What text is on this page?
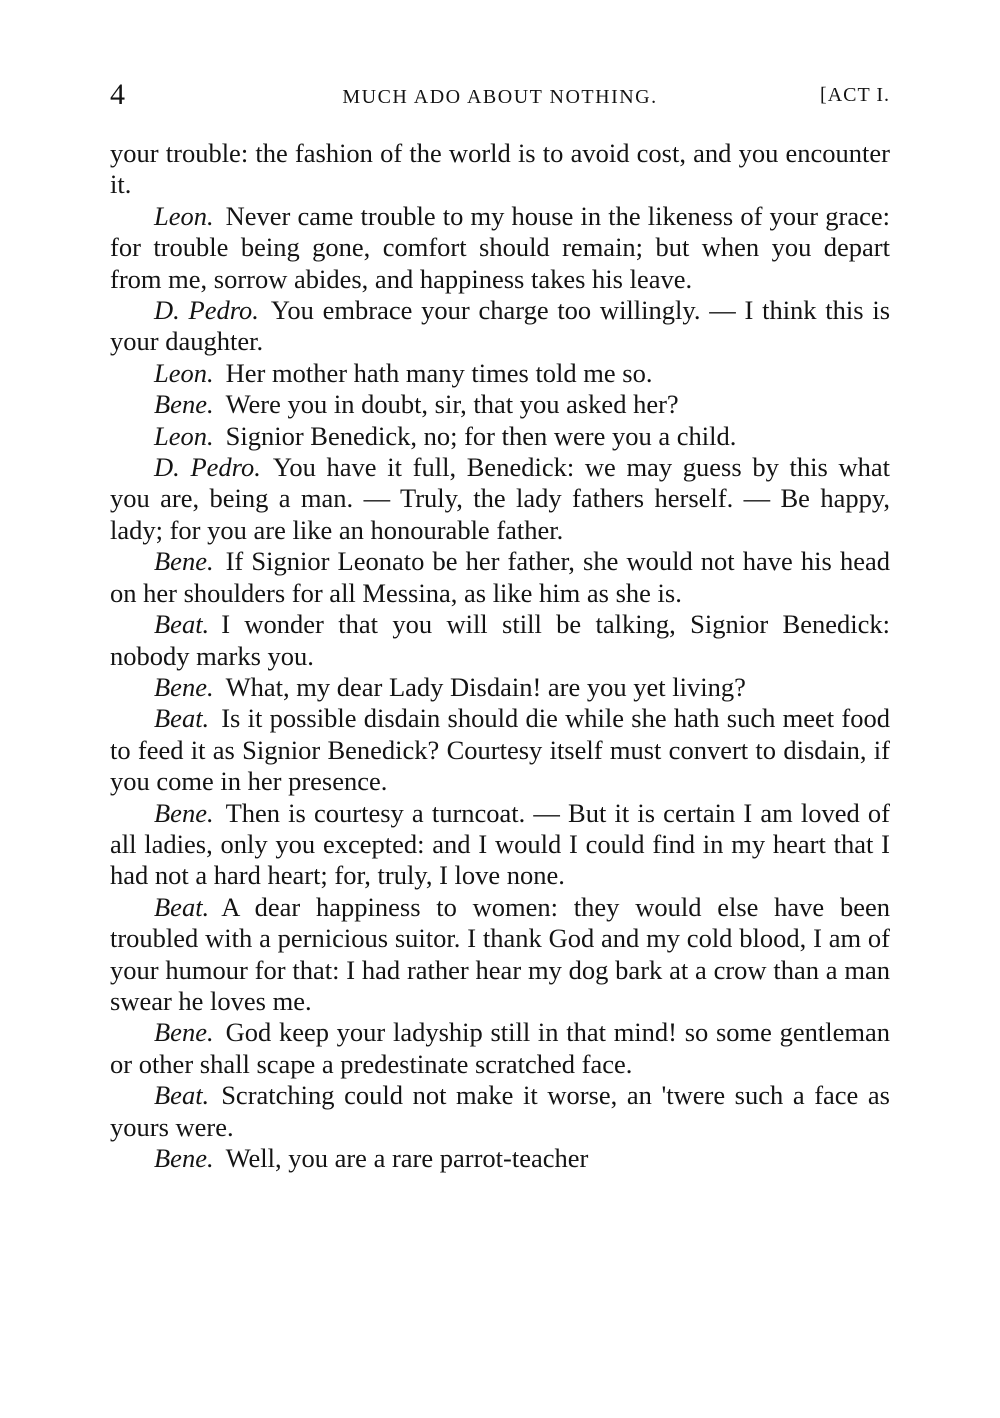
4	MUCH ADO ABOUT NOTHING.	[ACT I.

your trouble: the fashion of the world is to avoid cost, and you encounter it.

Leon. Never came trouble to my house in the likeness of your grace: for trouble being gone, comfort should remain; but when you depart from me, sorrow abides, and happiness takes his leave.

D. Pedro. You embrace your charge too willingly. — I think this is your daughter.

Leon. Her mother hath many times told me so.

Bene. Were you in doubt, sir, that you asked her?

Leon. Signior Benedick, no; for then were you a child.

D. Pedro. You have it full, Benedick: we may guess by this what you are, being a man. — Truly, the lady fathers herself. — Be happy, lady; for you are like an honourable father.

Bene. If Signior Leonato be her father, she would not have his head on her shoulders for all Messina, as like him as she is.

Beat. I wonder that you will still be talking, Signior Benedick: nobody marks you.

Bene. What, my dear Lady Disdain! are you yet living?

Beat. Is it possible disdain should die while she hath such meet food to feed it as Signior Benedick? Courtesy itself must convert to disdain, if you come in her presence.

Bene. Then is courtesy a turncoat. — But it is certain I am loved of all ladies, only you excepted: and I would I could find in my heart that I had not a hard heart; for, truly, I love none.

Beat. A dear happiness to women: they would else have been troubled with a pernicious suitor. I thank God and my cold blood, I am of your humour for that: I had rather hear my dog bark at a crow than a man swear he loves me.

Bene. God keep your ladyship still in that mind! so some gentleman or other shall scape a predestinate scratched face.

Beat. Scratching could not make it worse, an 'twere such a face as yours were.

Bene. Well, you are a rare parrot-teacher
